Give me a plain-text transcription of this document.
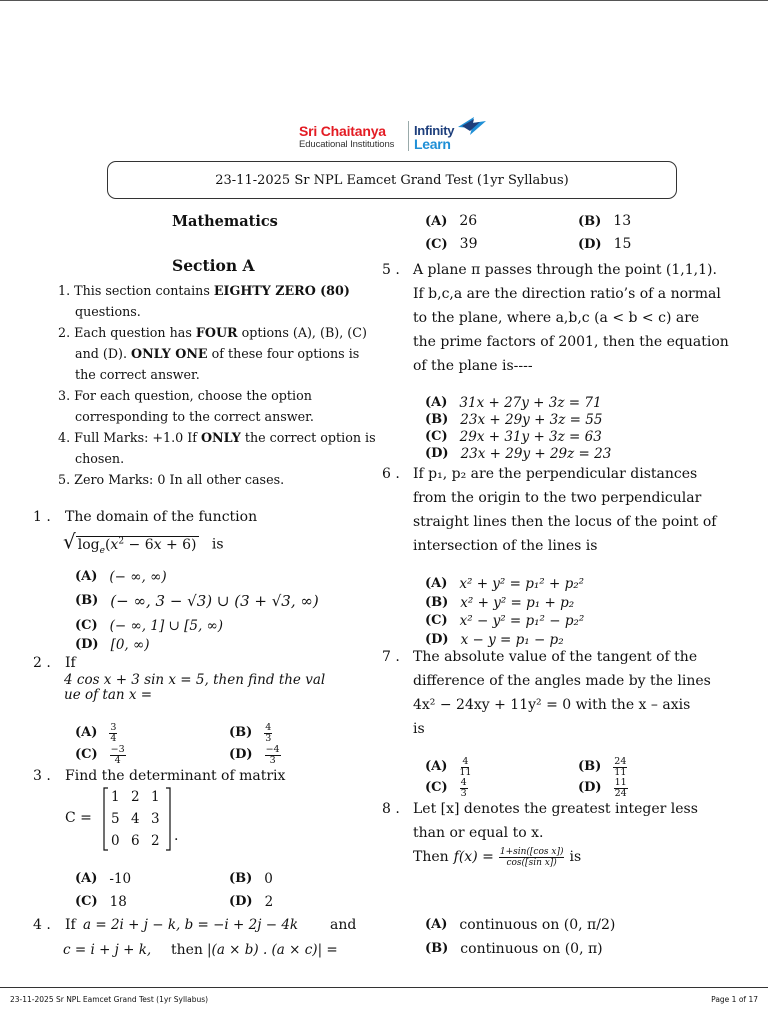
Sri Chaitanya
Educational Institutions
Infinity
Learn
23-11-2025 Sr NPL Eamcet Grand Test (1yr Syllabus)
Mathematics
Section A

1. This section contains EIGHTY ZERO (80) questions.

2. Each question has FOUR options (A), (B), (C) and (D). ONLY ONE of these four options is the correct answer.

3. For each question, choose the option corresponding to the correct answer.

4. Full Marks: +1.0 If ONLY the correct option is chosen.

5. Zero Marks: 0 In all other cases.

1 . The domain of the function
√ $\log_e(x^2 - 6x + 6)$ is
(A) (− ∞, ∞)
(B) (− ∞, 3 − √3) ∪ (3 + √3, ∞)
(C) (− ∞, 1] ∪ [5, ∞)
(D) [0, ∞)
2 . If
4 cos x + 3 sin x = 5, then find the val
ue of tan x =
$(A) \frac{3}{4}$	$(B) \frac{4}{3}$
$(C) \frac{-3}{4}$	$(D) \frac{-4}{3}$
3 . Find the determinant of matrix
C =
1 2 1
5 4 3
0 6 2	.
(A) -10	(B) 0
(C) 18	(D) 2
4 . If a = 2i + j − k, b = −i + 2j − 4k and
c = i + j + k, then |(a × b) . (a × c)| =
(A) 26	(B) 13
(C) 39	(D) 15
5 . A plane π passes through the point (1,1,1).
If b,c,a are the direction ratio’s of a normal
to the plane, where a,b,c (a < b < c) are
the prime factors of 2001, then the equation
of the plane is----
(A) 31x + 27y + 3z = 71
(B) 23x + 29y + 3z = 55
(C) 29x + 31y + 3z = 63
(D) 23x + 29y + 29z = 23
6 . If p₁, p₂ are the perpendicular distances
from the origin to the two perpendicular
straight lines then the locus of the point of
intersection of the lines is
(A) x² + y² = p₁² + p₂²
(B) x² + y² = p₁ + p₂
(C) x² − y² = p₁² − p₂²
(D) x − y = p₁ − p₂
7 . The absolute value of the tangent of the
difference of the angles made by the lines
4x² − 24xy + 11y² = 0 with the x – axis
is
$(A) \frac{4}{11}$	$(B) \frac{24}{11}$
$(C) \frac{4}{3}$	$(D) \frac{11}{24}$
8 . Let [x] denotes the greatest integer less
than or equal to x.
Then $f(x) = \frac{\text{1+sin([cos x])}}{\text{cos([sin x])}}$ is
(A) continuous on (0, π/2)
(B) continuous on (0, π)
23-11-2025 Sr NPL Eamcet Grand Test (1yr Syllabus)	Page 1 of 17
